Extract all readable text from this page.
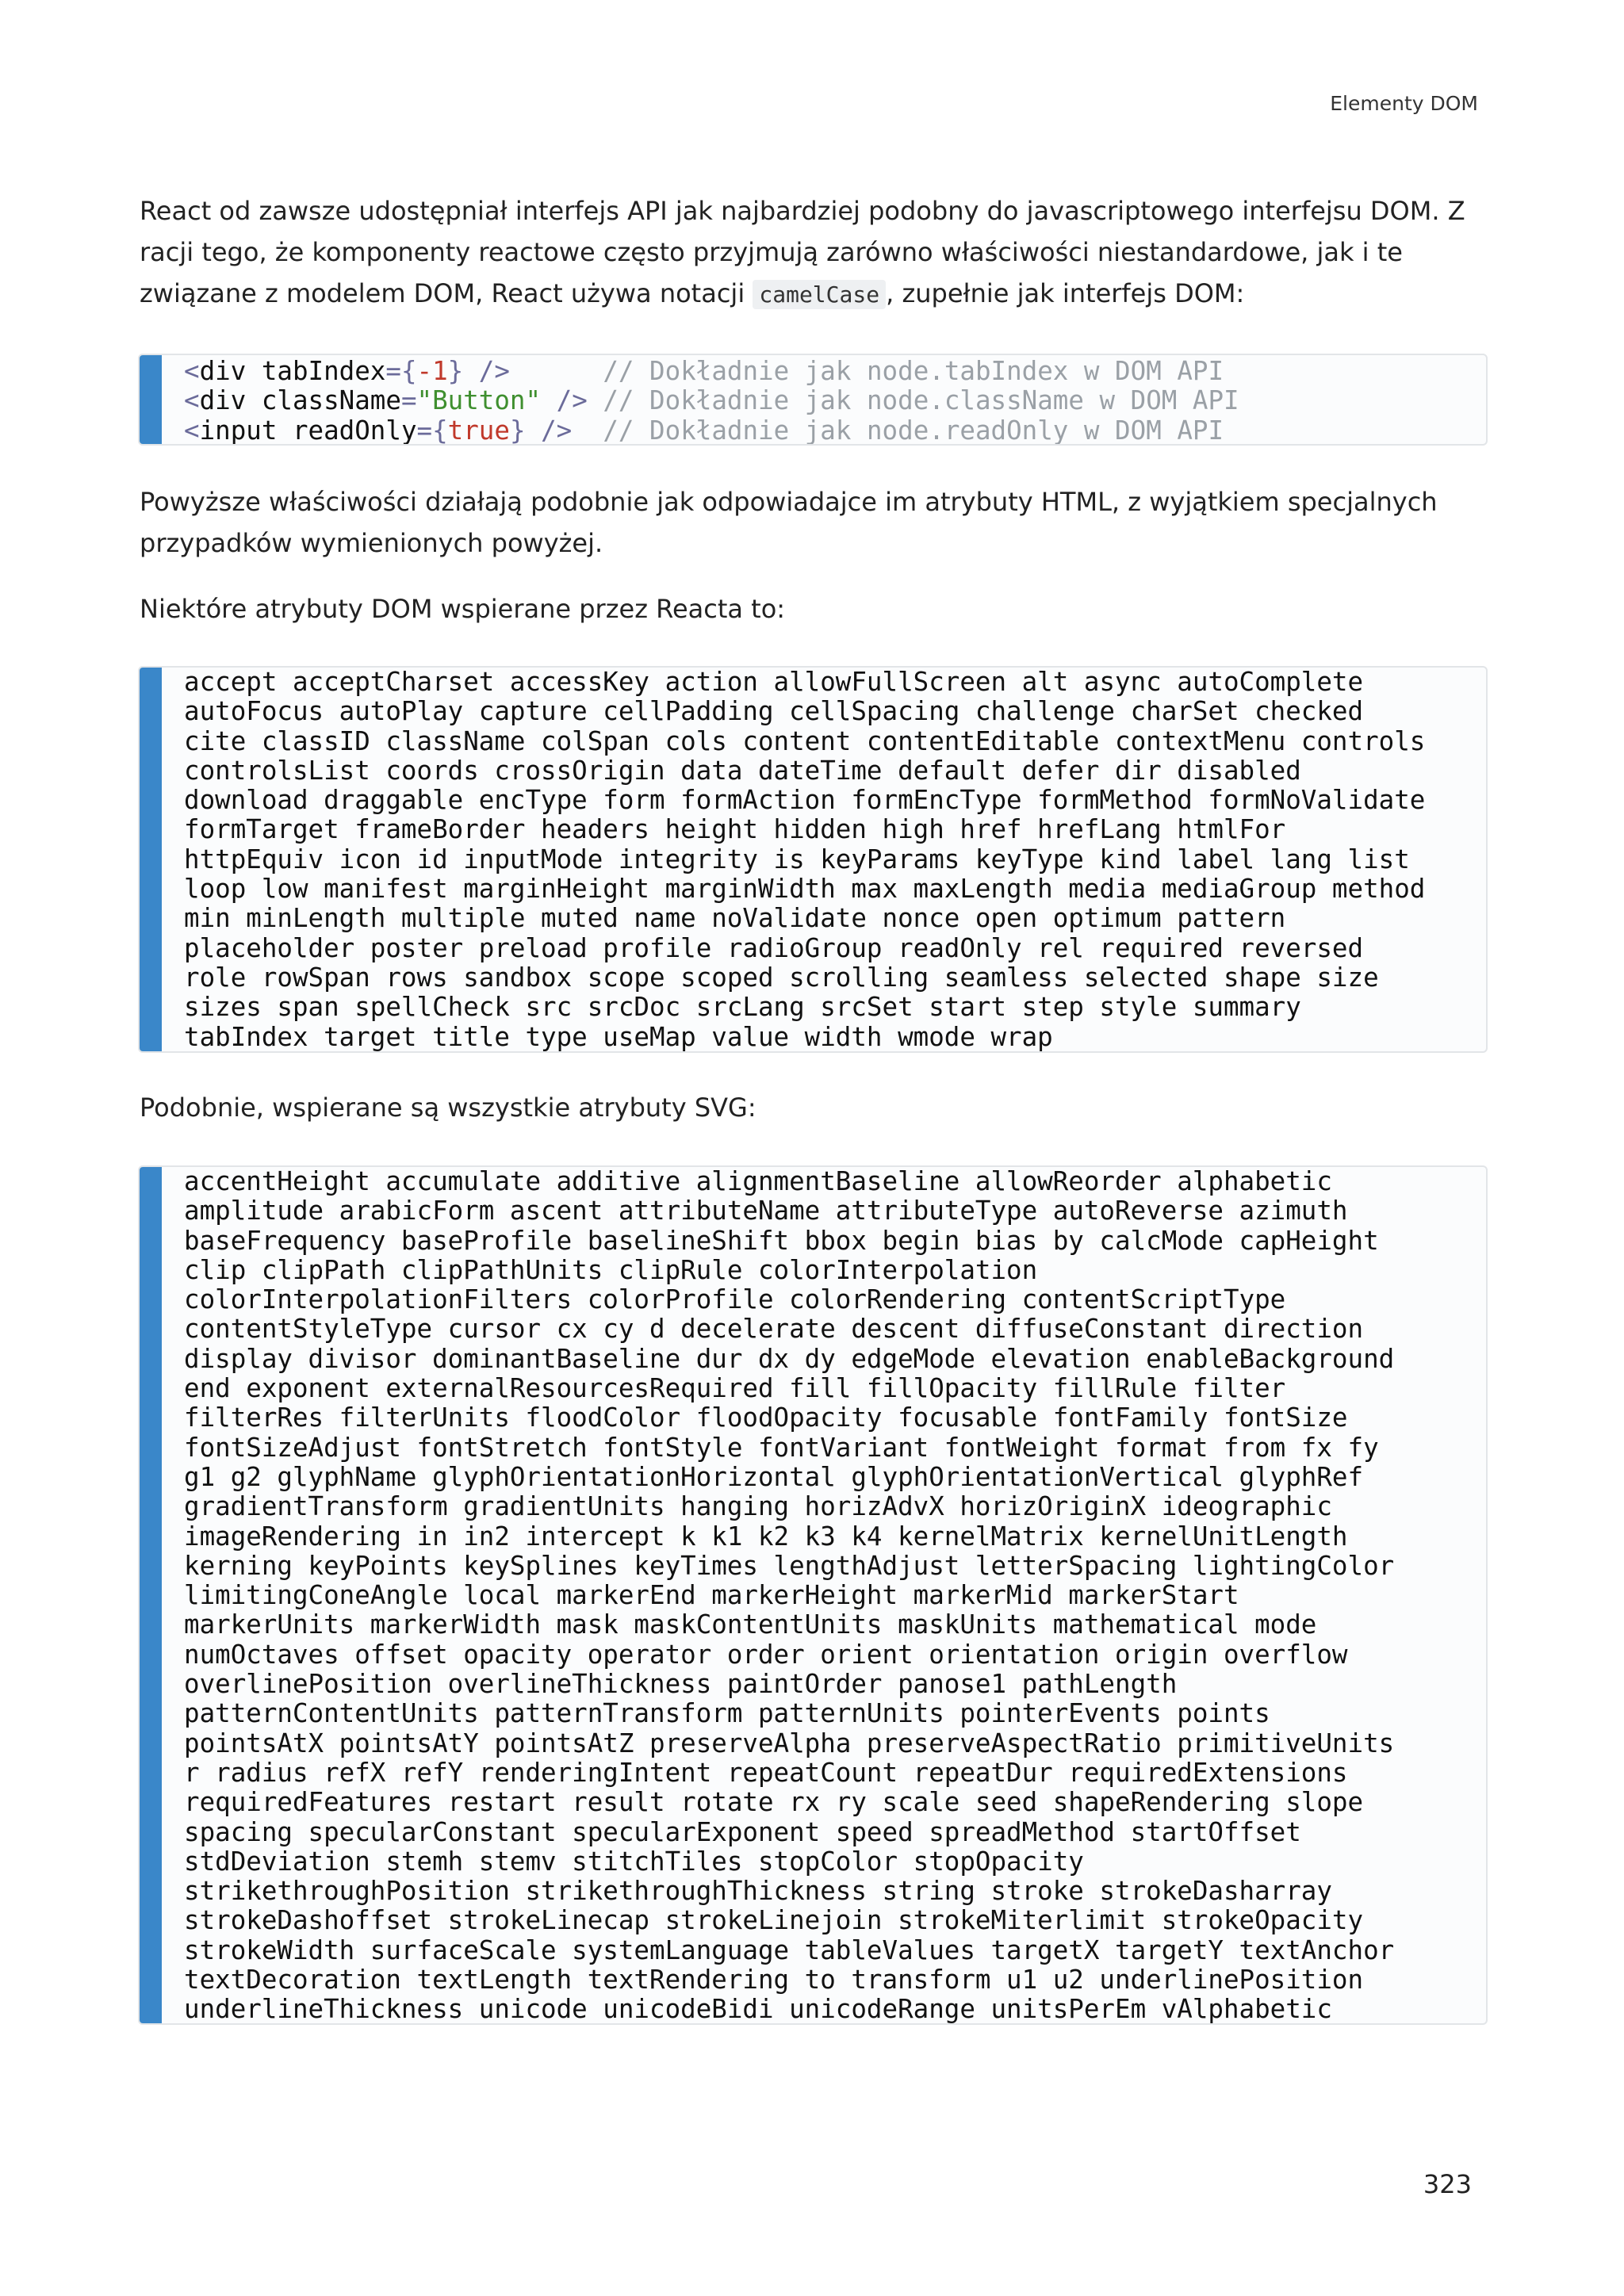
Elementy DOM
React od zawsze udostępniał interfejs API jak najbardziej podobny do javascriptowego interfejsu DOM. Z racji tego, że komponenty reactowe często przyjmują zarówno właściwości niestandardowe, jak i te związane z modelem DOM, React używa notacji camelCase , zupełnie jak interfejs DOM:
<div tabIndex={-1} />	// Dokładnie jak node.tabIndex w DOM API
<div className="Button" /> // Dokładnie jak node.className w DOM API
<input readOnly={true} /> // Dokładnie jak node.readOnly w DOM API
Powyższe właściwości działają podobnie jak odpowiadajce im atrybuty HTML, z wyjątkiem specjalnych przypadków wymienionych powyżej.
Niektóre atrybuty DOM wspierane przez Reacta to:
accept acceptCharset accessKey action allowFullScreen alt async autoComplete
autoFocus autoPlay capture cellPadding cellSpacing challenge charSet checked
cite classID className colSpan cols content contentEditable contextMenu controls
controlsList coords crossOrigin data dateTime default defer dir disabled
download draggable encType form formAction formEncType formMethod formNoValidate
formTarget frameBorder headers height hidden high href hrefLang htmlFor
httpEquiv icon id inputMode integrity is keyParams keyType kind label lang list
loop low manifest marginHeight marginWidth max maxLength media mediaGroup method
min minLength multiple muted name noValidate nonce open optimum pattern
placeholder poster preload profile radioGroup readOnly rel required reversed
role rowSpan rows sandbox scope scoped scrolling seamless selected shape size
sizes span spellCheck src srcDoc srcLang srcSet start step style summary
tabIndex target title type useMap value width wmode wrap
Podobnie, wspierane są wszystkie atrybuty SVG:
accentHeight accumulate additive alignmentBaseline allowReorder alphabetic
amplitude arabicForm ascent attributeName attributeType autoReverse azimuth
baseFrequency baseProfile baselineShift bbox begin bias by calcMode capHeight
clip clipPath clipPathUnits clipRule colorInterpolation
colorInterpolationFilters colorProfile colorRendering contentScriptType
contentStyleType cursor cx cy d decelerate descent diffuseConstant direction
display divisor dominantBaseline dur dx dy edgeMode elevation enableBackground
end exponent externalResourcesRequired fill fillOpacity fillRule filter
filterRes filterUnits floodColor floodOpacity focusable fontFamily fontSize
fontSizeAdjust fontStretch fontStyle fontVariant fontWeight format from fx fy
g1 g2 glyphName glyphOrientationHorizontal glyphOrientationVertical glyphRef
gradientTransform gradientUnits hanging horizAdvX horizOriginX ideographic
imageRendering in in2 intercept k k1 k2 k3 k4 kernelMatrix kernelUnitLength
kerning keyPoints keySplines keyTimes lengthAdjust letterSpacing lightingColor
limitingConeAngle local markerEnd markerHeight markerMid markerStart
markerUnits markerWidth mask maskContentUnits maskUnits mathematical mode
numOctaves offset opacity operator order orient orientation origin overflow
overlinePosition overlineThickness paintOrder panose1 pathLength
patternContentUnits patternTransform patternUnits pointerEvents points
pointsAtX pointsAtY pointsAtZ preserveAlpha preserveAspectRatio primitiveUnits
r radius refX refY renderingIntent repeatCount repeatDur requiredExtensions
requiredFeatures restart result rotate rx ry scale seed shapeRendering slope
spacing specularConstant specularExponent speed spreadMethod startOffset
stdDeviation stemh stemv stitchTiles stopColor stopOpacity
strikethroughPosition strikethroughThickness string stroke strokeDasharray
strokeDashoffset strokeLinecap strokeLinejoin strokeMiterlimit strokeOpacity
strokeWidth surfaceScale systemLanguage tableValues targetX targetY textAnchor
textDecoration textLength textRendering to transform u1 u2 underlinePosition
underlineThickness unicode unicodeBidi unicodeRange unitsPerEm vAlphabetic
323
